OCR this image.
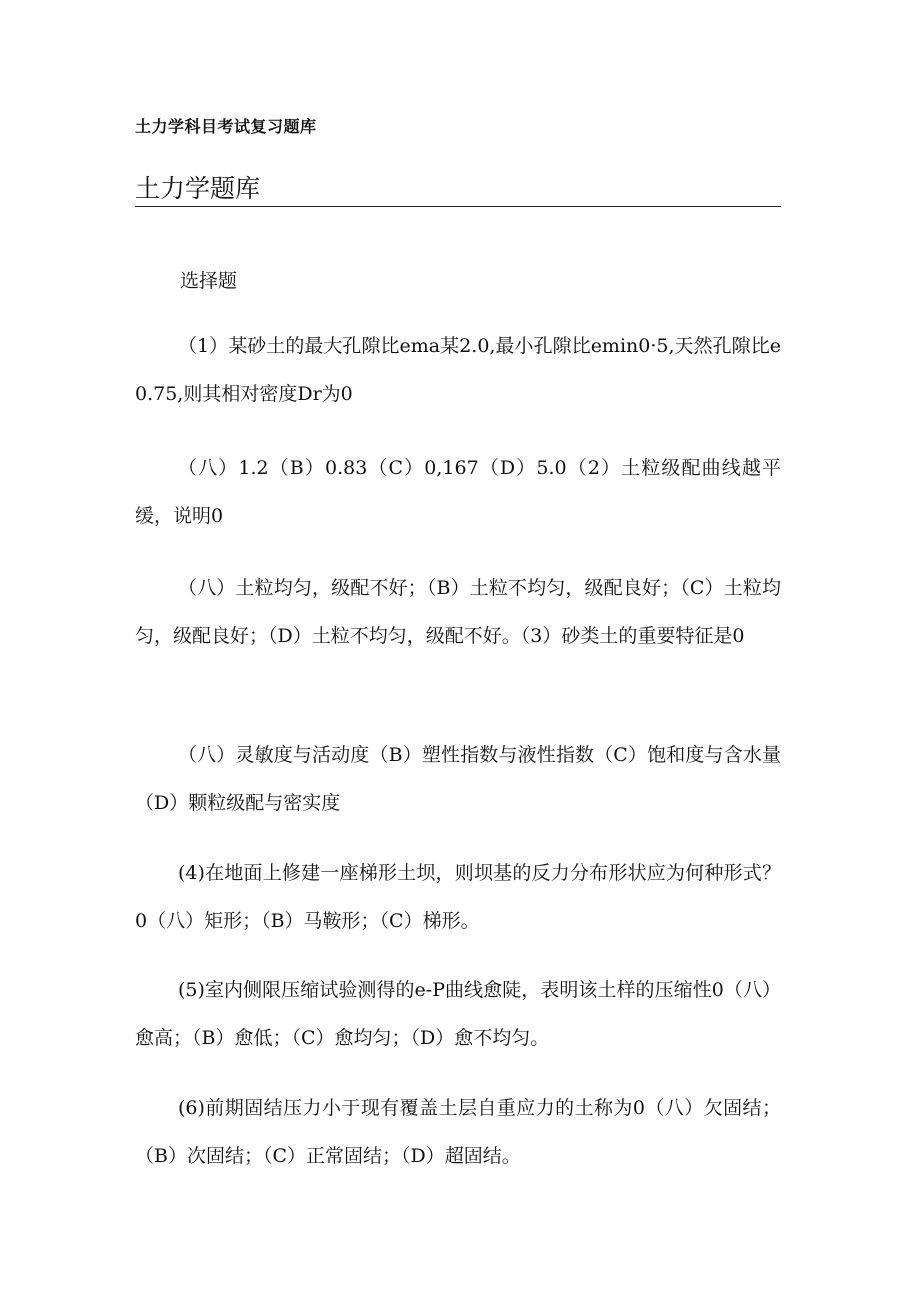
土力学科目考试复习题库
土力学题库
选择题

（1）某砂土的最大孔隙比ema某2.0,最小孔隙比emin0·5,天然孔隙比e0.75,则其相对密度Dr为0

（八）1.2（B）0.83（C）0,167（D）5.0（2）土粒级配曲线越平缓，说明0

（八）土粒均匀，级配不好；（B）土粒不均匀，级配良好；（C）土粒均匀，级配良好；（D）土粒不均匀，级配不好。（3）砂类土的重要特征是0

（八）灵敏度与活动度（B）塑性指数与液性指数（C）饱和度与含水量（D）颗粒级配与密实度

(4)在地面上修建一座梯形土坝，则坝基的反力分布形状应为何种形式？0（八）矩形；（B）马鞍形；（C）梯形。

(5)室内侧限压缩试验测得的e-P曲线愈陡，表明该土样的压缩性0（八）愈高；（B）愈低；（C）愈均匀；（D）愈不均匀。

(6)前期固结压力小于现有覆盖土层自重应力的土称为0（八）欠固结；（B）次固结；（C）正常固结；（D）超固结。
